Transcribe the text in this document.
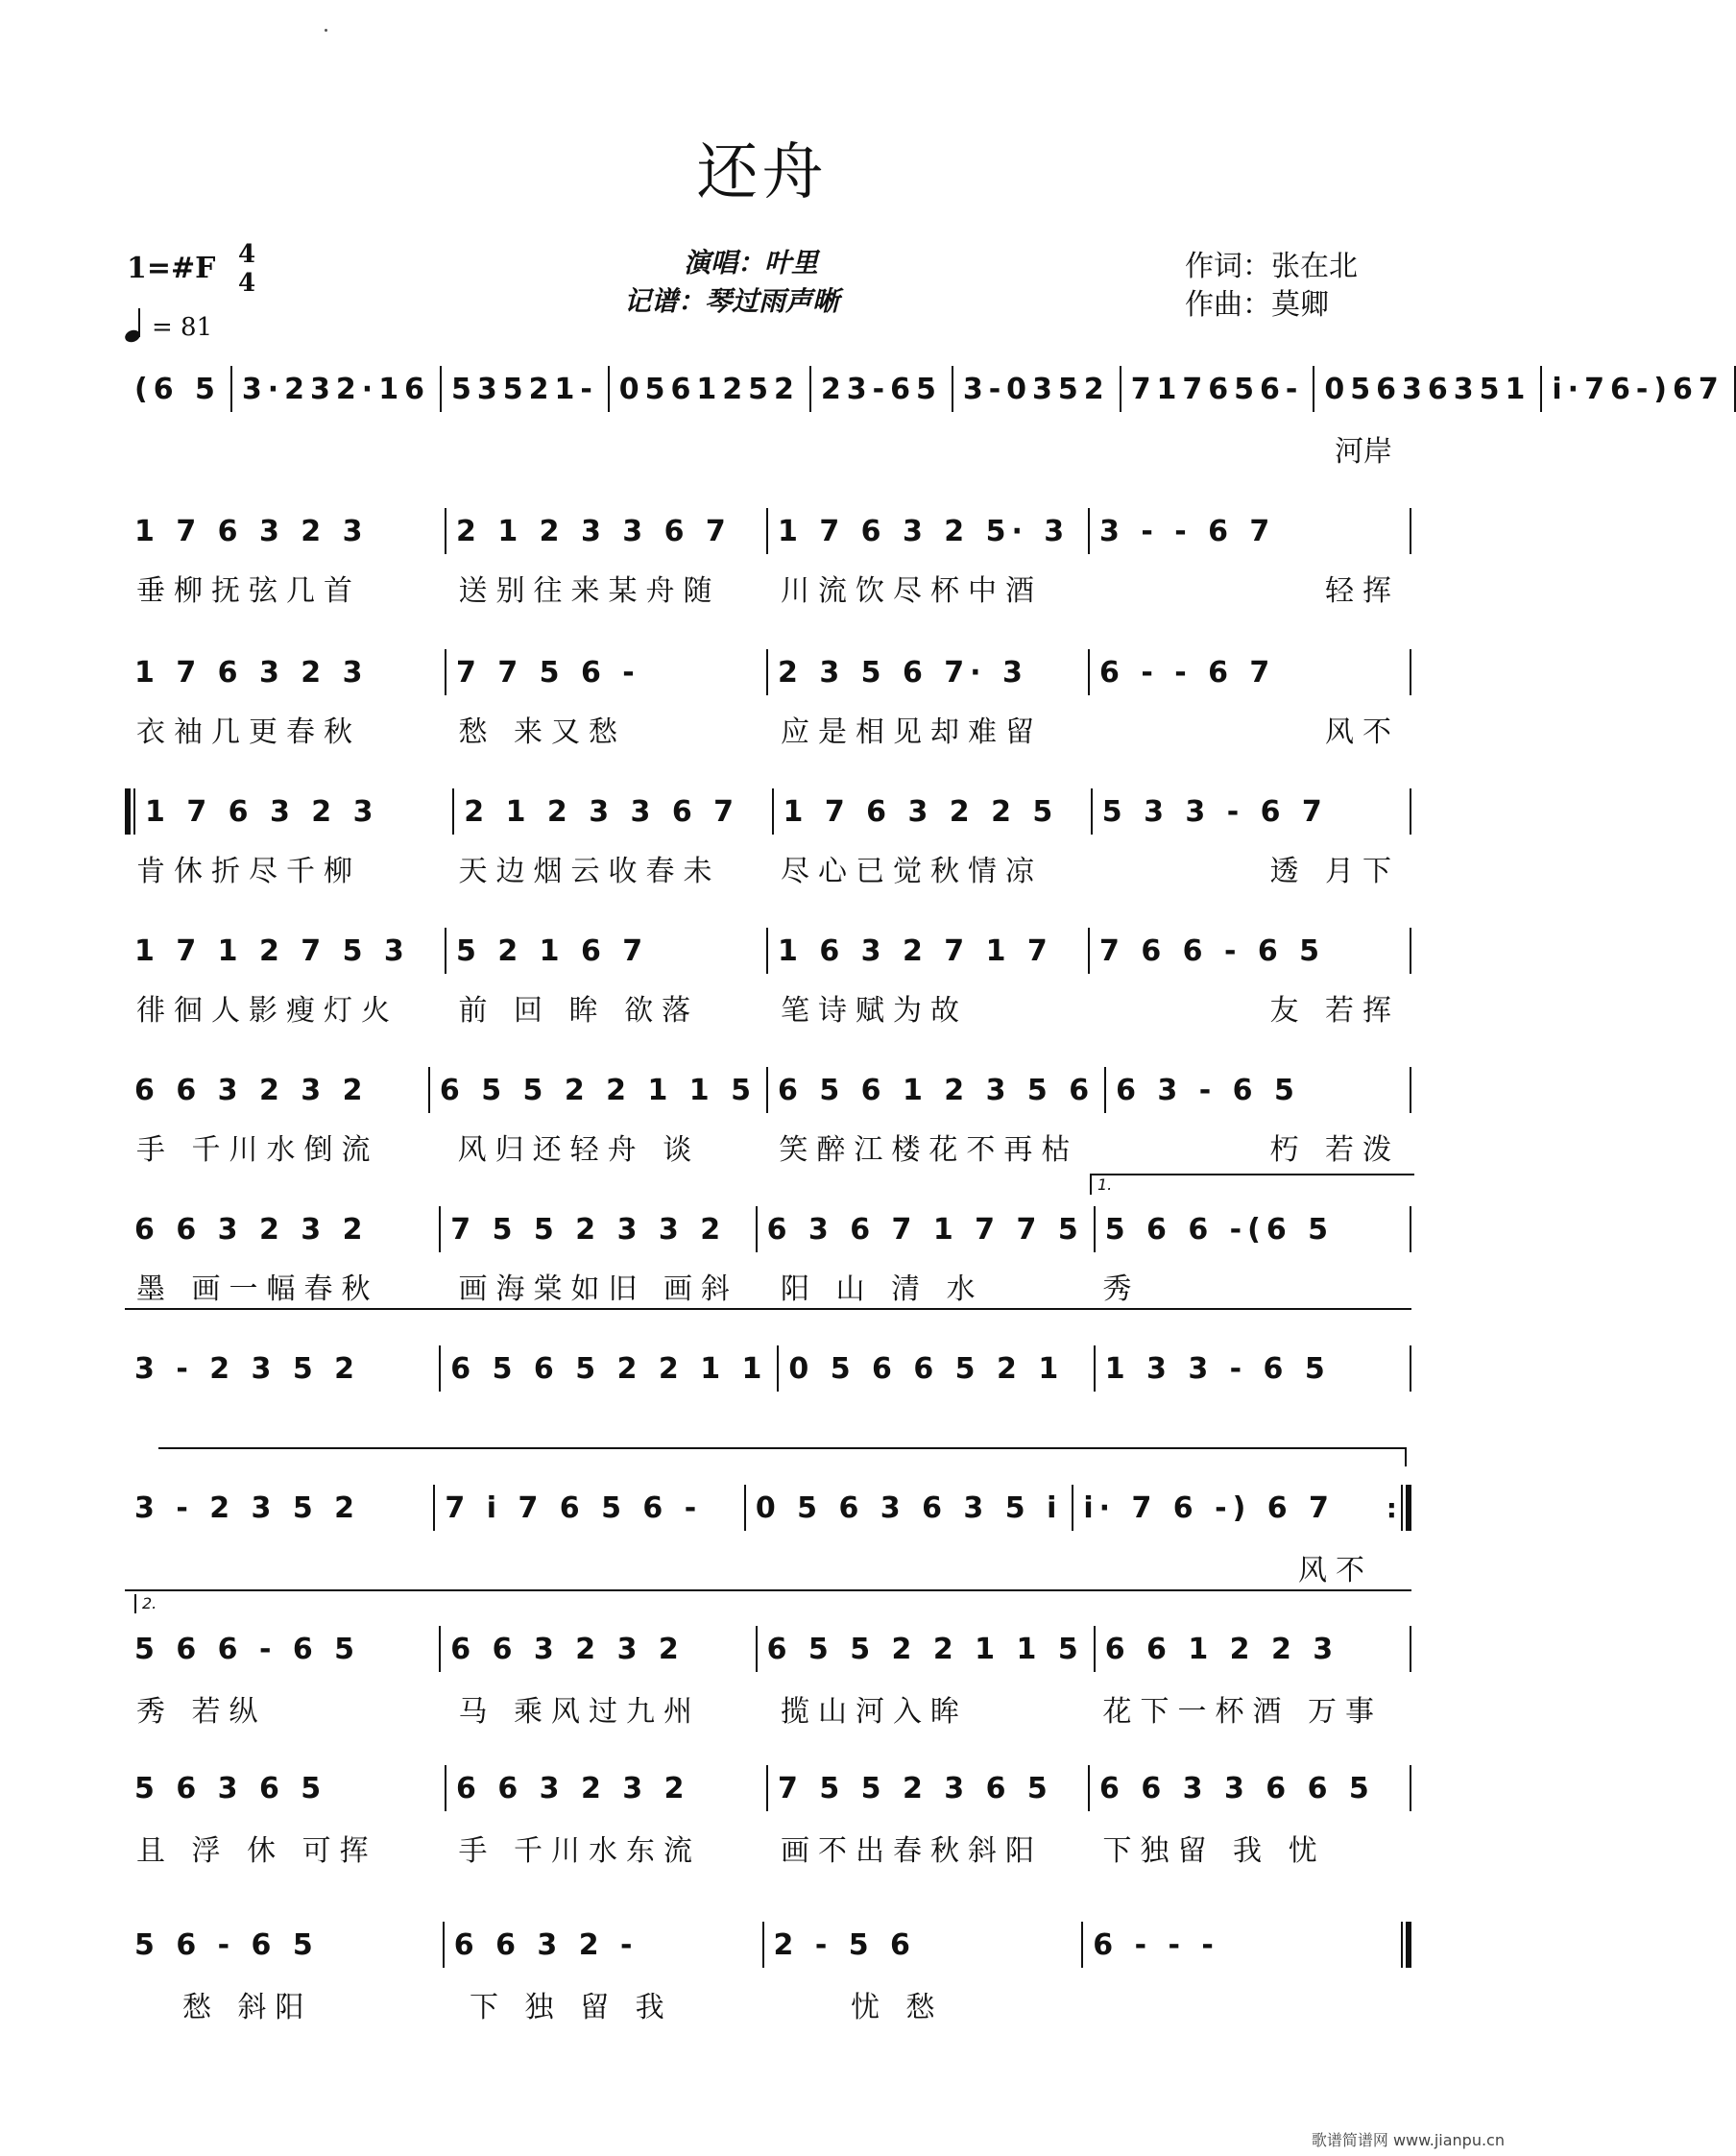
还舟
1=#F 4
4
= 81
演唱：叶里
记谱：琴过雨声晰
作词：张在北
作曲：莫卿
(6 5 3·232·16 53521- 0561252 23-65 3-0352 717656- 05636351 i·76-)67
河岸
1 7 6 3 2 3	2 1 2 3 3 6 7	1 7 6 3 2 5· 3	3 - - 6 7
垂柳抚弦几首	送别往来某舟随	川流饮尽杯中酒	轻挥
1 7 6 3 2 3	7 7 5 6 -	2 3 5 6 7· 3	6 - - 6 7
衣袖几更春秋	愁 来又愁	应是相见却难留	风不
1 7 6 3 2 3	2 1 2 3 3 6 7	1 7 6 3 2 2 5	5 3 3 - 6 7
肯休折尽千柳	天边烟云收春未	尽心已觉秋情凉	透 月下
1 7 1 2 7 5 3	5 2 1 6 7	1 6 3 2 7 1 7	7 6 6 - 6 5
徘徊人影瘦灯火	前 回 眸 欲落	笔诗赋为故	友 若挥
6 6 3 2 3 2	6 5 5 2 2 1 1 5 6 5 6 1 2 3 5 6 6 3 - 6 5
手 千川水倒流	风归还轻舟 谈	笑醉江楼花不再枯	朽 若泼
1.
6 6 3 2 3 2	7 5 5 2 3 3 2	6 3 6 7 1 7 7 5 5 6 6 -(6 5
墨 画一幅春秋	画海棠如旧 画斜	阳 山 清 水	秀
3 - 2 3 5 2	6 5 6 5 2 2 1 1 0 5 6 6 5 2 1	1 3 3 - 6 5
3 - 2 3 5 2	7 i 7 6 5 6 -	0 5 6 3 6 3 5 i i· 7 6 -) 6 7	:
风不
2.
5 6 6 - 6 5	6 6 3 2 3 2	6 5 5 2 2 1 1 5 6 6 1 2 2 3
秀 若纵	马 乘风过九州	揽山河入眸	花下一杯酒 万事
5 6 3 6 5	6 6 3 2 3 2	7 5 5 2 3 6 5	6 6 3 3 6 6 5
且 浮 休 可挥	手 千川水东流	画不出春秋斜阳	下独留 我 忧
5 6 - 6 5	6 6 3 2 -	2 - 5 6	6 - - -
愁 斜阳	下 独 留 我	忧 愁
歌谱简谱网 www.jianpu.cn
